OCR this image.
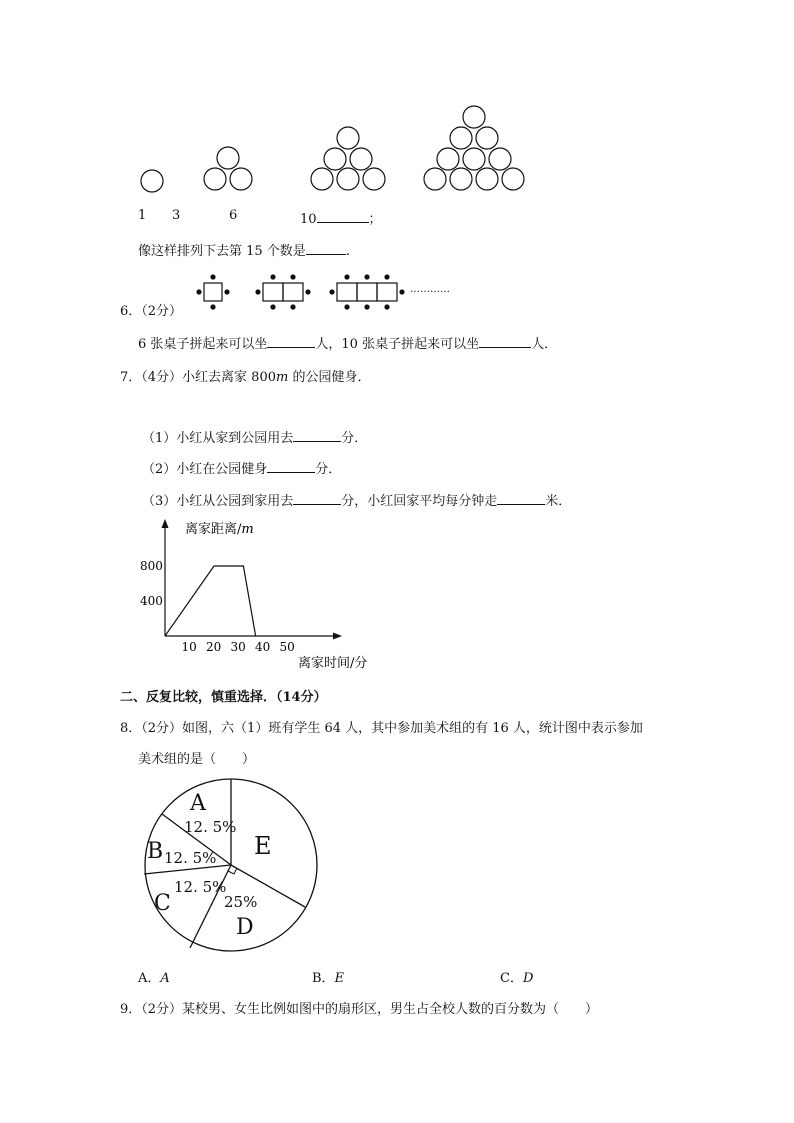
1 3	6	10	；
像这样排列下去第 15 个数是	.
6．（2分）
…………
6 张桌子拼起来可以坐	人，10 张桌子拼起来可以坐	人．
7．（4分）小红去离家 800m 的公园健身．
（1）小红从家到公园用去	分．
（2）小红在公园健身	分．
（3）小红从公园到家用去	分，小红回家平均每分钟走	米．
离家距离/m
离家时间/分
10 20 30 40 50
400
800
二、反复比较，慎重选择．（14分）
8．（2分）如图，六（1）班有学生 64 人，其中参加美术组的有 16 人，统计图中表示参加
美术组的是（　　）
A
12. 5%
B 12. 5%
C
12. 5%
25%
D
E
A．A	B．E	C．D
9．（2分）某校男、女生比例如图中的扇形区，男生占全校人数的百分数为（　　）
